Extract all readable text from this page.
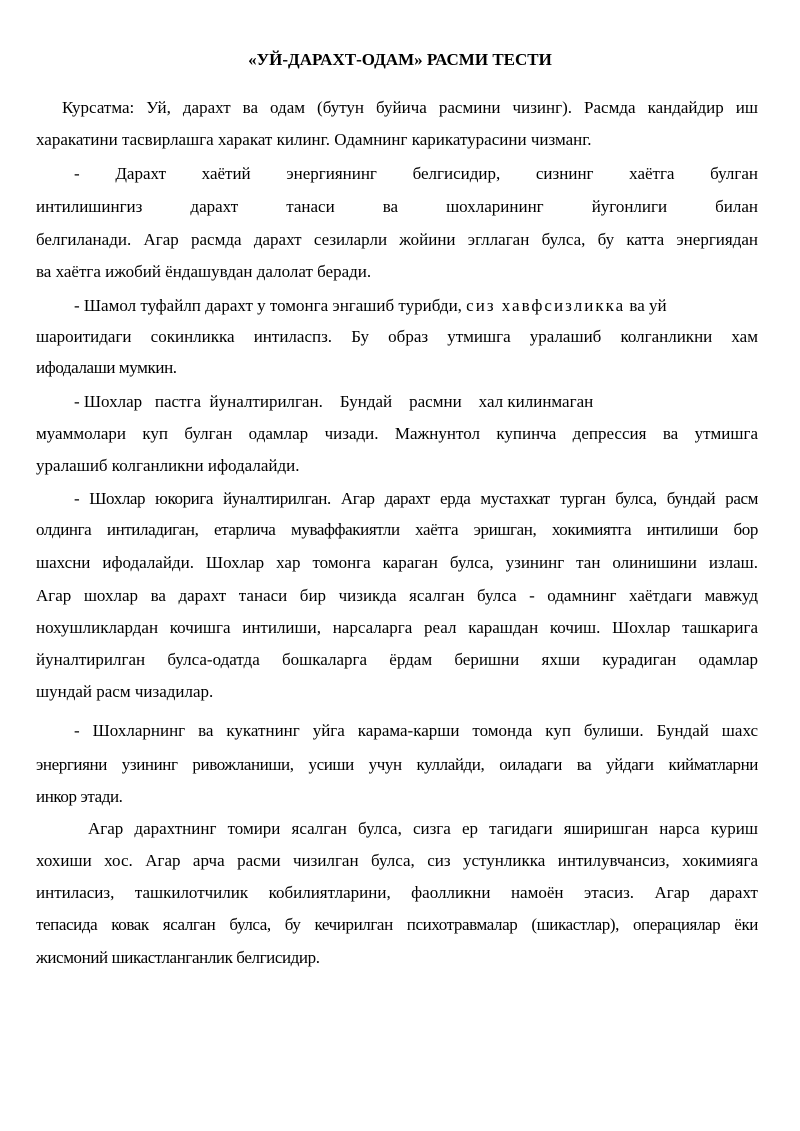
«УЙ-ДАРАХТ-ОДАМ» РАСМИ ТЕСТИ

Курсатма: Уй, дарахт ва одам (бутун буйича расмини чизинг). Расмда кандайдир иш

харакатини тасвирлашга харакат килинг. Одамнинг карикатурасини чизманг.

- Дарахт хаётий энергиянинг белгисидир, сизнинг хаётга булган

интилишингиз дарахт танаси ва шохларининг йугонлиги билан

белгиланади. Агар расмда дарахт сезиларли жойини эгллаган булса, бу катта энергиядан

ва хаётга ижобий ёндашувдан далолат беради.

- Шамол туфайлп дарахт у томонга энгашиб турибди, сиз хавфсизликка ва уй

шароитидаги сокинликка интиласпз. Бу образ утмишга уралашиб колганликни хам

ифодалаши мумкин.

- Шохлар   пастга  йуналтирилган.    Бундай    расмни    хал килинмаган

муаммолари куп булган одамлар чизади. Мажнунтол купинча депрессия ва утмишга

уралашиб колганликни ифодалайди.

- Шохлар юкорига йуналтирилган. Агар дарахт ерда мустахкат турган булса, бундай расм

олдинга интиладиган, етарлича муваффакиятли хаётга эришган, хокимиятга интилиши бор

шахсни ифодалайди. Шохлар хар томонга караган булса, узининг тан олинишини излаш.

Агар шохлар ва дарахт танаси бир чизикда ясалган булса - одамнинг хаётдаги мавжуд

нохушликлардан кочишга интилиши, нарсаларга реал карашдан кочиш. Шохлар ташкарига

йуналтирилган булса-одатда бошкаларга ёрдам беришни яхши курадиган одамлар

шундай расм чизадилар.

- Шохларнинг ва кукатнинг уйга карама-карши томонда куп булиши. Бундай шахс

энергияни узининг ривожланиши, усиши учун куллайди, оиладаги ва уйдаги кийматларни

инкор этади.

Агар дарахтнинг томири ясалган булса, сизга ер тагидаги яширишган нарса куриш

хохиши хос. Агар арча расми чизилган булса, сиз устунликка интилувчансиз, хокимияга

интиласиз, ташкилотчилик кобилиятларини, фаолликни намоён этасиз. Агар дарахт

тепасида ковак ясалган булса, бу кечирилган психотравмалар (шикастлар), операциялар ёки

жисмоний шикастланганлик белгисидир.
